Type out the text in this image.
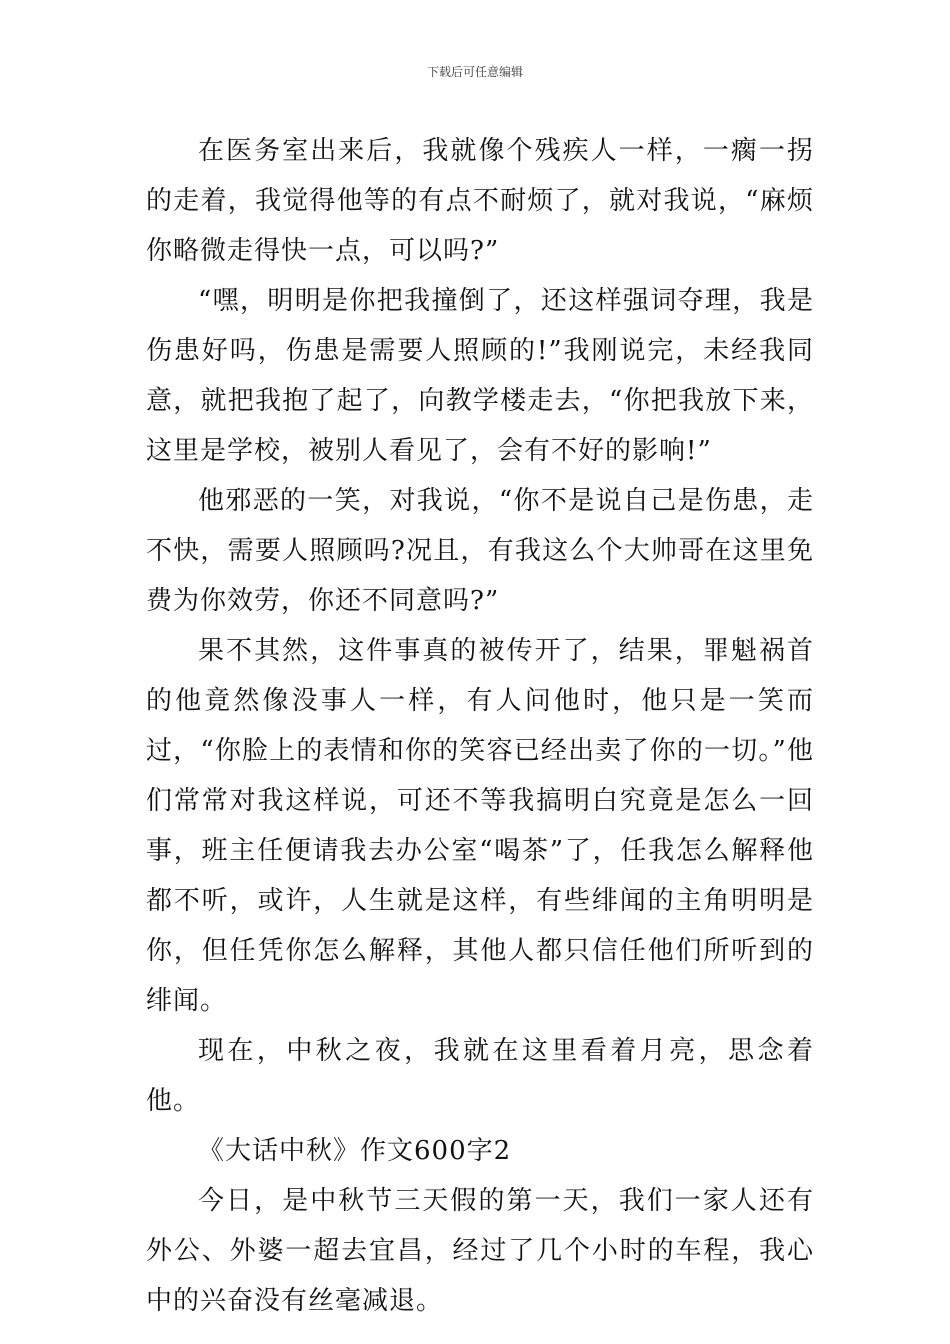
下载后可任意编辑

在医务室出来后，我就像个残疾人一样，一瘸一拐的走着，我觉得他等的有点不耐烦了，就对我说，“麻烦你略微走得快一点，可以吗?”

“嘿，明明是你把我撞倒了，还这样强词夺理，我是伤患好吗，伤患是需要人照顾的!”我刚说完，未经我同意，就把我抱了起了，向教学楼走去，“你把我放下来，这里是学校，被别人看见了，会有不好的影响!”

他邪恶的一笑，对我说，“你不是说自己是伤患，走不快，需要人照顾吗?况且，有我这么个大帅哥在这里免费为你效劳，你还不同意吗?”

果不其然，这件事真的被传开了，结果，罪魁祸首的他竟然像没事人一样，有人问他时，他只是一笑而过，“你脸上的表情和你的笑容已经出卖了你的一切。”他们常常对我这样说，可还不等我搞明白究竟是怎么一回事，班主任便请我去办公室“喝茶”了，任我怎么解释他都不听，或许，人生就是这样，有些绯闻的主角明明是你，但任凭你怎么解释，其他人都只信任他们所听到的绯闻。

现在，中秋之夜，我就在这里看着月亮，思念着他。

《大话中秋》作文600字2

今日，是中秋节三天假的第一天，我们一家人还有外公、外婆一超去宜昌，经过了几个小时的车程，我心中的兴奋没有丝毫减退。
